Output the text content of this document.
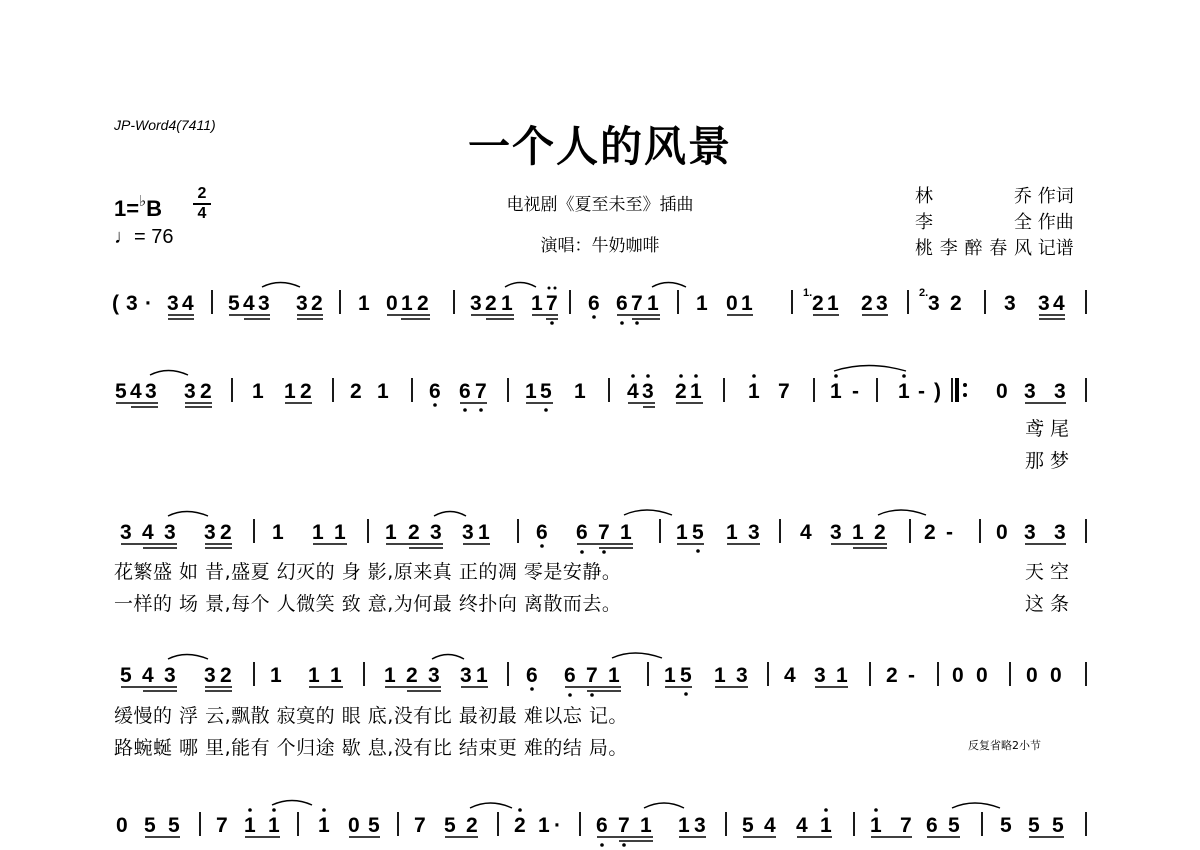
JP-Word4(7411)	一个人的风景
1=♭B
2
4
♩= 76
电视剧《夏至未至》插曲
演唱：牛奶咖啡
林乔 作词
李全 作曲
桃李醉春风 记谱
( 3 · 3 4 5 4 3 3 2 1 0 1 2 3 2 1 1 7 6 6 7 1 1 0 1	1. 2 1 2 3	2. 3 2 3 3 4
5 4 3 3 2 1 1 2 2 1 6 6 7 1 5 1 4 3 2 1 1 7 1 - 1 - )	0 3 3
鸢尾
那梦
3 4 3 3 2 1 1 1 1 2 3 3 1 6 6 7 1 1 5 1 3 4 3 1 2 2 - 0 3 3
花繁盛 如 昔,盛夏 幻灭的 身 影,原来真 正的凋 零是安静。
一样的 场 景,每个 人微笑 致 意,为何最 终扑向 离散而去。
天空
这条
5 4 3 3 2 1 1 1 1 2 3 3 1 6 6 7 1 1 5 1 3 4 3 1 2 - 0 0 0 0
缓慢的 浮 云,飘散 寂寞的 眼 底,没有比 最初最 难以忘 记。
路蜿蜒 哪 里,能有 个归途 歇 息,没有比 结束更 难的结 局。	反复省略2小节
0 5 5 7 1 1 1 0 5 7 5 2 2 1 · 6 7 1 1 3 5 4 4 1 1 7 6 5 5 5 5
